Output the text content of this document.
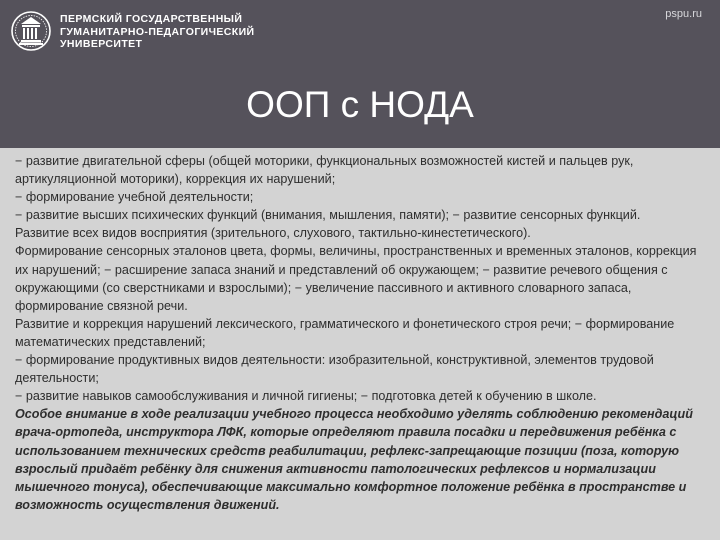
ПЕРМСКИЙ ГОСУДАРСТВЕННЫЙ
ГУМАНИТАРНО-ПЕДАГОГИЧЕСКИЙ
УНИВЕРСИТЕТ
pspu.ru
ООП с НОДА

− развитие двигательной сферы (общей моторики, функциональных возможностей кистей и пальцев рук, артикуляционной моторики), коррекция их нарушений;

− формирование учебной деятельности;

− развитие высших психических функций (внимания, мышления, памяти); − развитие сенсорных функций.

Развитие всех видов восприятия (зрительного, слухового, тактильно-кинестетического).

Формирование сенсорных эталонов цвета, формы, величины, пространственных и временных эталонов, коррекция их нарушений; − расширение запаса знаний и представлений об окружающем; − развитие речевого общения с окружающими (со сверстниками и взрослыми); − увеличение пассивного и активного словарного запаса, формирование связной речи.

Развитие и коррекция нарушений лексического, грамматического и фонетического строя речи; − формирование математических представлений;

− формирование продуктивных видов деятельности: изобразительной, конструктивной, элементов трудовой деятельности;

− развитие навыков самообслуживания и личной гигиены; − подготовка детей к обучению в школе.

Особое внимание в ходе реализации учебного процесса необходимо уделять соблюдению рекомендаций врача-ортопеда, инструктора ЛФК, которые определяют правила посадки и передвижения ребёнка с использованием технических средств реабилитации, рефлекс-запрещающие позиции (поза, которую взрослый придаёт ребёнку для снижения активности патологических рефлексов и нормализации мышечного тонуса), обеспечивающие максимально комфортное положение ребёнка в пространстве и возможность осуществления движений.
